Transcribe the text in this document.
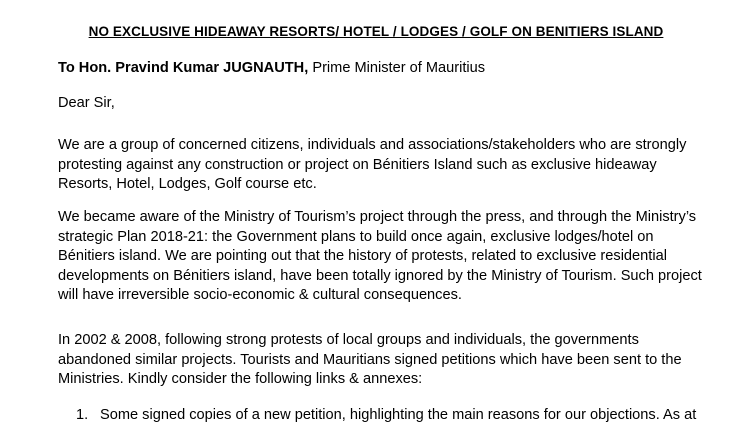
NO EXCLUSIVE HIDEAWAY RESORTS/ HOTEL / LODGES / GOLF ON BENITIERS ISLAND
To Hon. Pravind Kumar JUGNAUTH, Prime Minister of Mauritius
Dear Sir,

We are a group of concerned citizens, individuals and associations/stakeholders who are strongly
protesting against any construction or project on Bénitiers Island such as exclusive hideaway
Resorts, Hotel, Lodges, Golf course etc.

We became aware of the Ministry of Tourism’s project through the press, and through the Ministry’s
strategic Plan 2018-21: the Government plans to build once again, exclusive lodges/hotel on
Bénitiers island. We are pointing out that the history of protests, related to exclusive residential
developments on Bénitiers island, have been totally ignored by the Ministry of Tourism. Such project
will have irreversible socio-economic & cultural consequences.

In 2002 & 2008, following strong protests of local groups and individuals, the governments
abandoned similar projects. Tourists and Mauritians signed petitions which have been sent to the
Ministries. Kindly consider the following links & annexes:

1. Some signed copies of a new petition, highlighting the main reasons for our objections. As at
